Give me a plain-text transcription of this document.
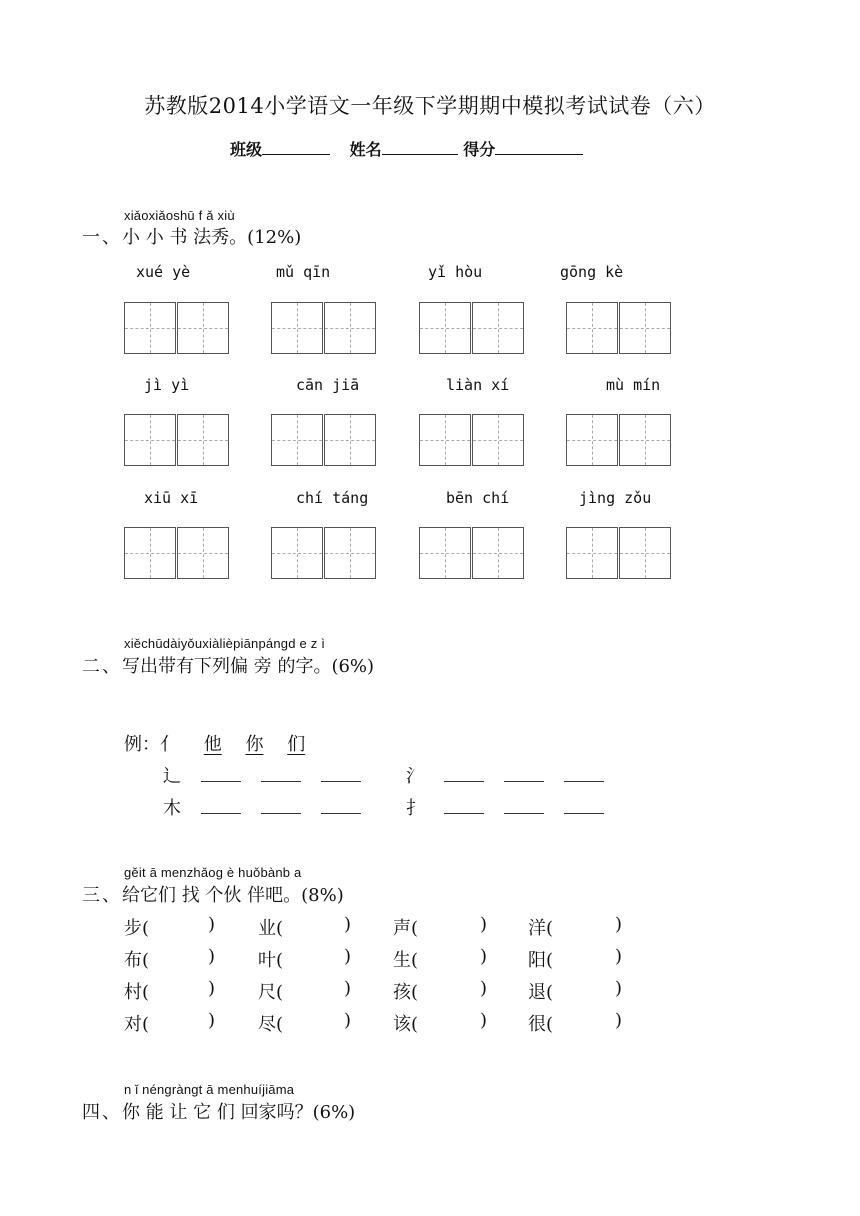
苏教版2014小学语文一年级下学期期中模拟考试试卷（六）
班级	姓名	得分
xiǎoxiǎoshū f ǎ xiù
一、小 小 书 法秀。(12%)
xué yè	mǔ qīn	yǐ hòu	gōng kè
jì yì	cān jiā	liàn xí	mù mín
xiū xī	chí táng	bēn chí	jìng zǒu
xiěchūdàiyǒuxiàlièpiānpángd e z ì
二、写出带有下列偏 旁 的字。(6%)
例：亻 他 你 们
辶	氵
木	扌
gěit ā menzhǎog è huǒbànb a
三、给它们 找 个伙 伴吧。(8%)
步(	) 业(	) 声(	) 洋(	)
布(	) 叶(	) 生(	) 阳(	)
村(	) 尺(	) 孩(	) 退(	)
对(	) 尽(	) 该(	) 很(	)
n ǐ néngràngt ā menhuíjiāma
四、你 能 让 它 们 回家吗？(6%)
